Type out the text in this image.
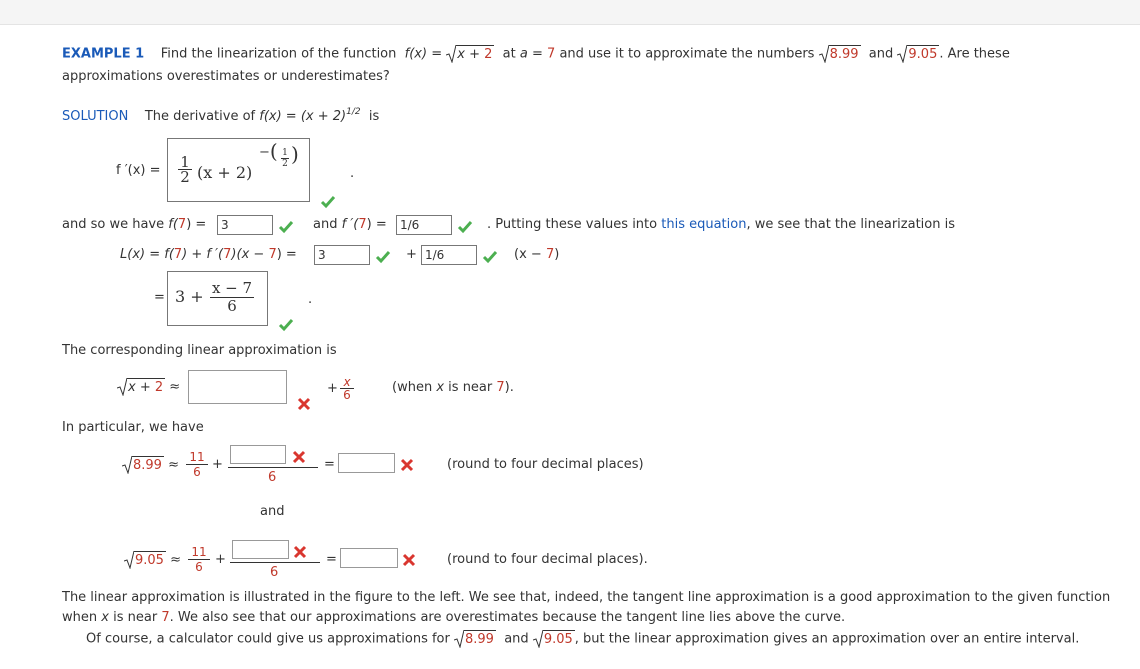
EXAMPLE 1 Find the linearization of the function f(x) = x + 2 at a = 7 and use it to approximate the numbers 8.99 and 9.05 . Are these
approximations overestimates or underestimates?
SOLUTION The derivative of $f(x) = (x + 2)^{1/2}$ is
f ′(x) = 1
2 (x + 2)
−( 1
2 )
.
and so we have f(7) =	3	and f ′(7) =	1/6	. Putting these values into this equation, we see that the linearization is
L(x) = f(7) + f ′(7)(x − 7) =	3	+ 1/6	(x − 7)
= 3 + x − 7
6	.
The corresponding linear approximation is
x + 2 ≈	+ x
6	(when x is near 7).
In particular, we have
8.99 ≈
11
6 +
6
=	(round to four decimal places)
and
9.05 ≈
11
6 +
6
=	(round to four decimal places).
The linear approximation is illustrated in the figure to the left. We see that, indeed, the tangent line approximation is a good approximation to the given function
when x is near 7. We also see that our approximations are overestimates because the tangent line lies above the curve.
Of course, a calculator could give us approximations for 8.99 and 9.05 , but the linear approximation gives an approximation over an entire interval.
